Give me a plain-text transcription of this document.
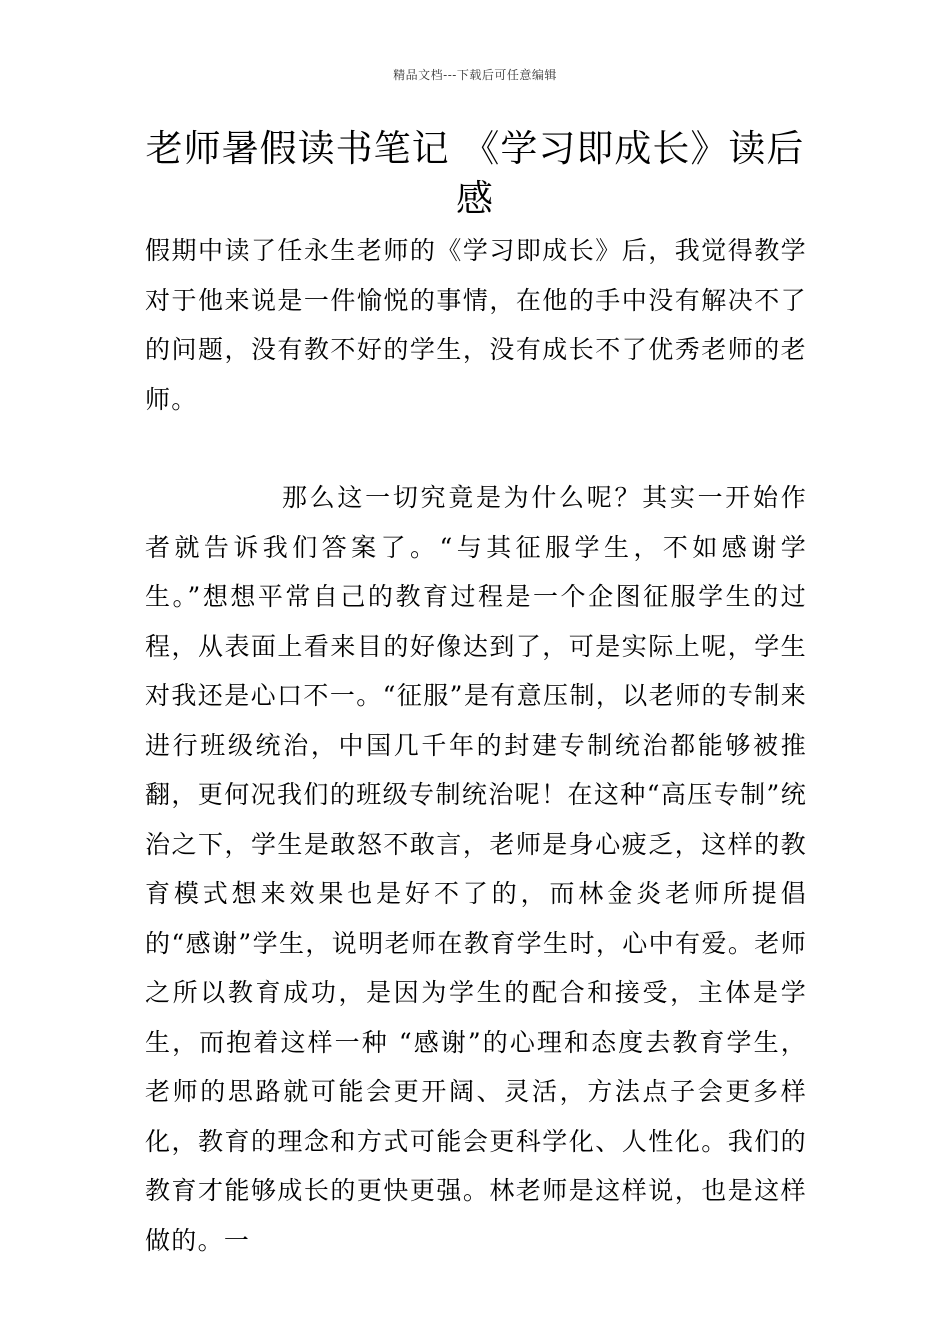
精品文档---下载后可任意编辑
老师暑假读书笔记 《学习即成长》读后感

假期中读了任永生老师的《学习即成长》后，我觉得教学对于他来说是一件愉悦的事情，在他的手中没有解决不了的问题，没有教不好的学生，没有成长不了优秀老师的老师。

那么这一切究竟是为什么呢？其实一开始作者就告诉我们答案了。“与其征服学生，不如感谢学生。”想想平常自己的教育过程是一个企图征服学生的过程，从表面上看来目的好像达到了，可是实际上呢，学生对我还是心口不一。“征服”是有意压制，以老师的专制来进行班级统治，中国几千年的封建专制统治都能够被推翻，更何况我们的班级专制统治呢！在这种“高压专制”统治之下，学生是敢怒不敢言，老师是身心疲乏，这样的教育模式想来效果也是好不了的，而林金炎老师所提倡的“感谢”学生，说明老师在教育学生时，心中有爱。老师之所以教育成功，是因为学生的配合和接受，主体是学生，而抱着这样一种 “感谢”的心理和态度去教育学生，老师的思路就可能会更开阔、灵活，方法点子会更多样化，教育的理念和方式可能会更科学化、人性化。我们的教育才能够成长的更快更强。林老师是这样说，也是这样做的。一
